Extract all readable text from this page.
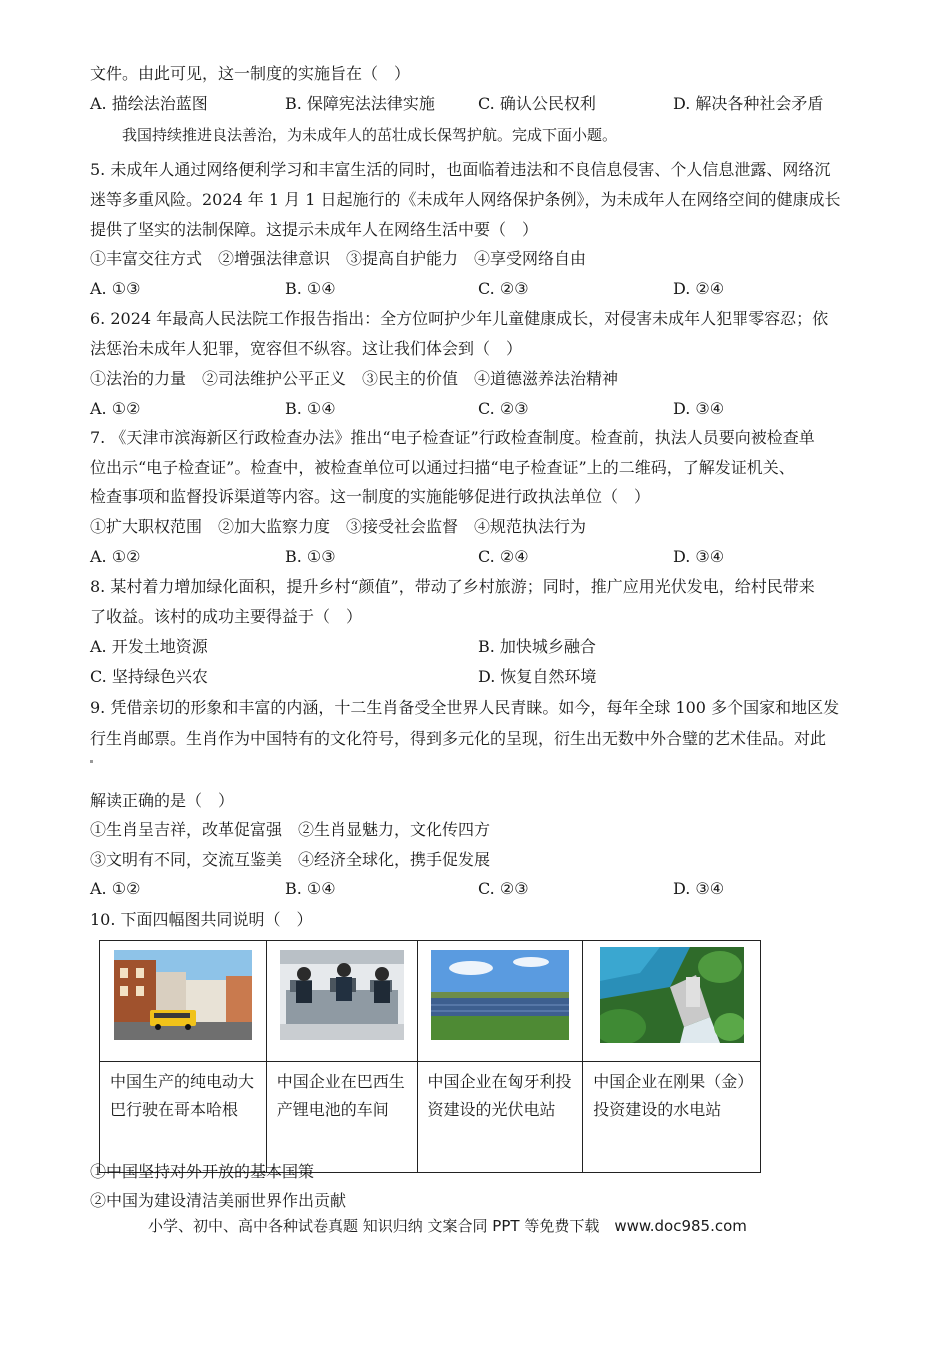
文件。由此可见，这一制度的实施旨在（　）
A. 描绘法治蓝图	B. 保障宪法法律实施	C. 确认公民权利	D. 解决各种社会矛盾
我国持续推进良法善治，为未成年人的茁壮成长保驾护航。完成下面小题。
5. 未成年人通过网络便利学习和丰富生活的同时，也面临着违法和不良信息侵害、个人信息泄露、网络沉
迷等多重风险。2024 年 1 月 1 日起施行的《未成年人网络保护条例》，为未成年人在网络空间的健康成长
提供了坚实的法制保障。这提示未成年人在网络生活中要（　）
①丰富交往方式　②增强法律意识　③提高自护能力　④享受网络自由
A. ①③	B. ①④	C. ②③	D. ②④
6. 2024 年最高人民法院工作报告指出：全方位呵护少年儿童健康成长，对侵害未成年人犯罪零容忍；依
法惩治未成年人犯罪，宽容但不纵容。这让我们体会到（　）
①法治的力量　②司法维护公平正义　③民主的价值　④道德滋养法治精神
A. ①②	B. ①④	C. ②③	D. ③④
7. 《天津市滨海新区行政检查办法》推出“电子检查证”行政检查制度。检查前，执法人员要向被检查单
位出示“电子检查证”。检查中，被检查单位可以通过扫描“电子检查证”上的二维码，了解发证机关、
检查事项和监督投诉渠道等内容。这一制度的实施能够促进行政执法单位（　）
①扩大职权范围　②加大监察力度　③接受社会监督　④规范执法行为
A. ①②	B. ①③	C. ②④	D. ③④
8. 某村着力增加绿化面积，提升乡村“颜值”，带动了乡村旅游；同时，推广应用光伏发电，给村民带来
了收益。该村的成功主要得益于（　）
A. 开发土地资源	B. 加快城乡融合
C. 坚持绿色兴农	D. 恢复自然环境
9. 凭借亲切的形象和丰富的内涵，十二生肖备受全世界人民青睐。如今，每年全球 100 多个国家和地区发
行生肖邮票。生肖作为中国特有的文化符号，得到多元化的呈现，衍生出无数中外合璧的艺术佳品。对此
解读正确的是（　）
①生肖呈吉祥，改革促富强　②生肖显魅力，文化传四方
③文明有不同，交流互鉴美　④经济全球化，携手促发展
A. ①②	B. ①④	C. ②③	D. ③④
10. 下面四幅图共同说明（　）

中国生产的纯电动大巴行驶在哥本哈根	中国企业在巴西生产锂电池的车间	中国企业在匈牙利投资建设的光伏电站	中国企业在刚果（金）投资建设的水电站
①中国坚持对外开放的基本国策
②中国为建设清洁美丽世界作出贡献
小学、初中、高中各种试卷真题 知识归纳 文案合同 PPT 等免费下载　www.doc985.com
